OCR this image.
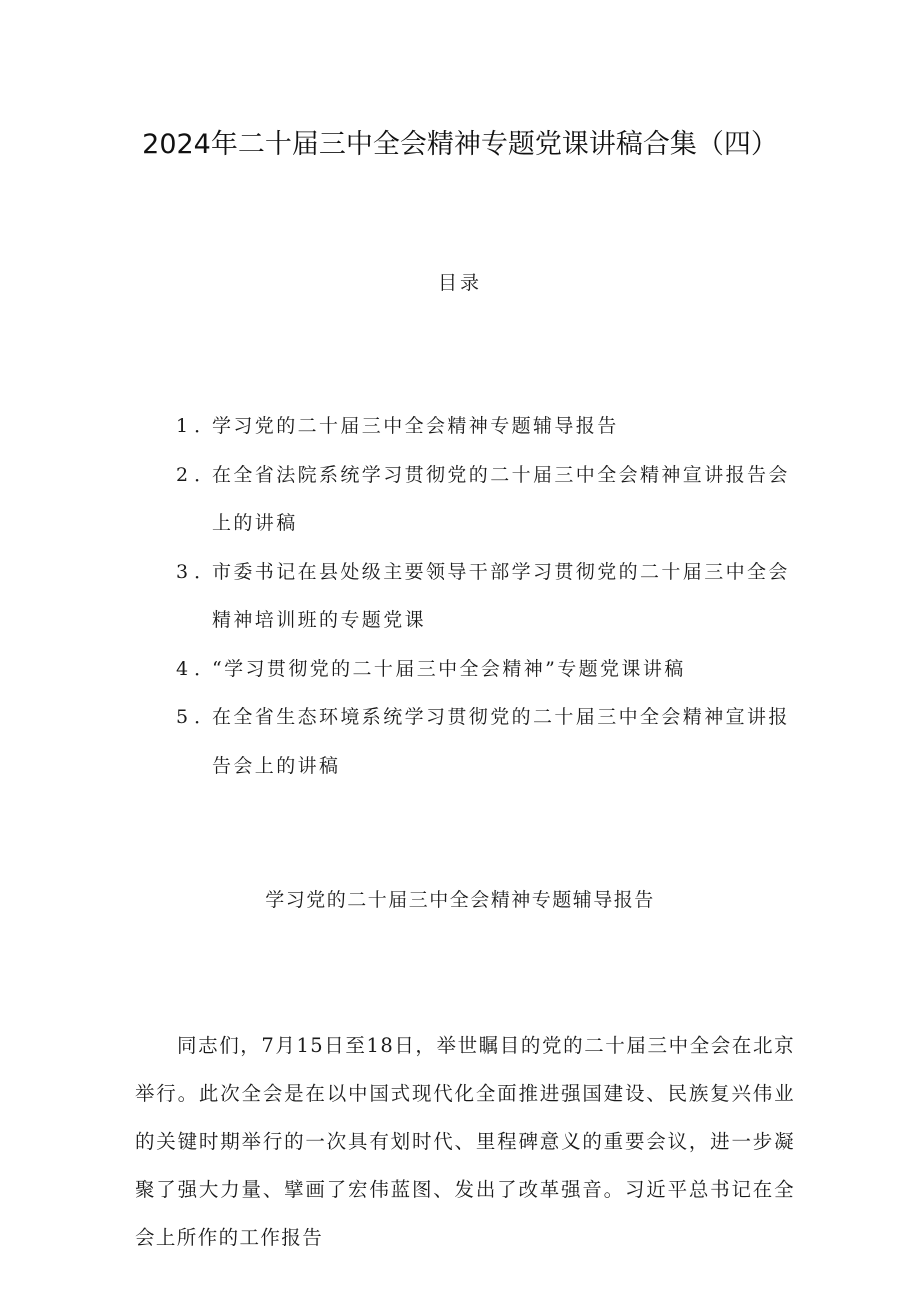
2024年二十届三中全会精神专题党课讲稿合集（四）
目录
1．
学习党的二十届三中全会精神专题辅导报告
2．
在全省法院系统学习贯彻党的二十届三中全会精神宣讲报告会上的讲稿
3．
市委书记在县处级主要领导干部学习贯彻党的二十届三中全会精神培训班的专题党课
4．
“学习贯彻党的二十届三中全会精神”专题党课讲稿
5．
在全省生态环境系统学习贯彻党的二十届三中全会精神宣讲报告会上的讲稿
学习党的二十届三中全会精神专题辅导报告

同志们，7月15日至18日，举世瞩目的党的二十届三中全会在北京举行。此次全会是在以中国式现代化全面推进强国建设、民族复兴伟业的关键时期举行的一次具有划时代、里程碑意义的重要会议，进一步凝聚了强大力量、擘画了宏伟蓝图、发出了改革强音。习近平总书记在全会上所作的工作报告
